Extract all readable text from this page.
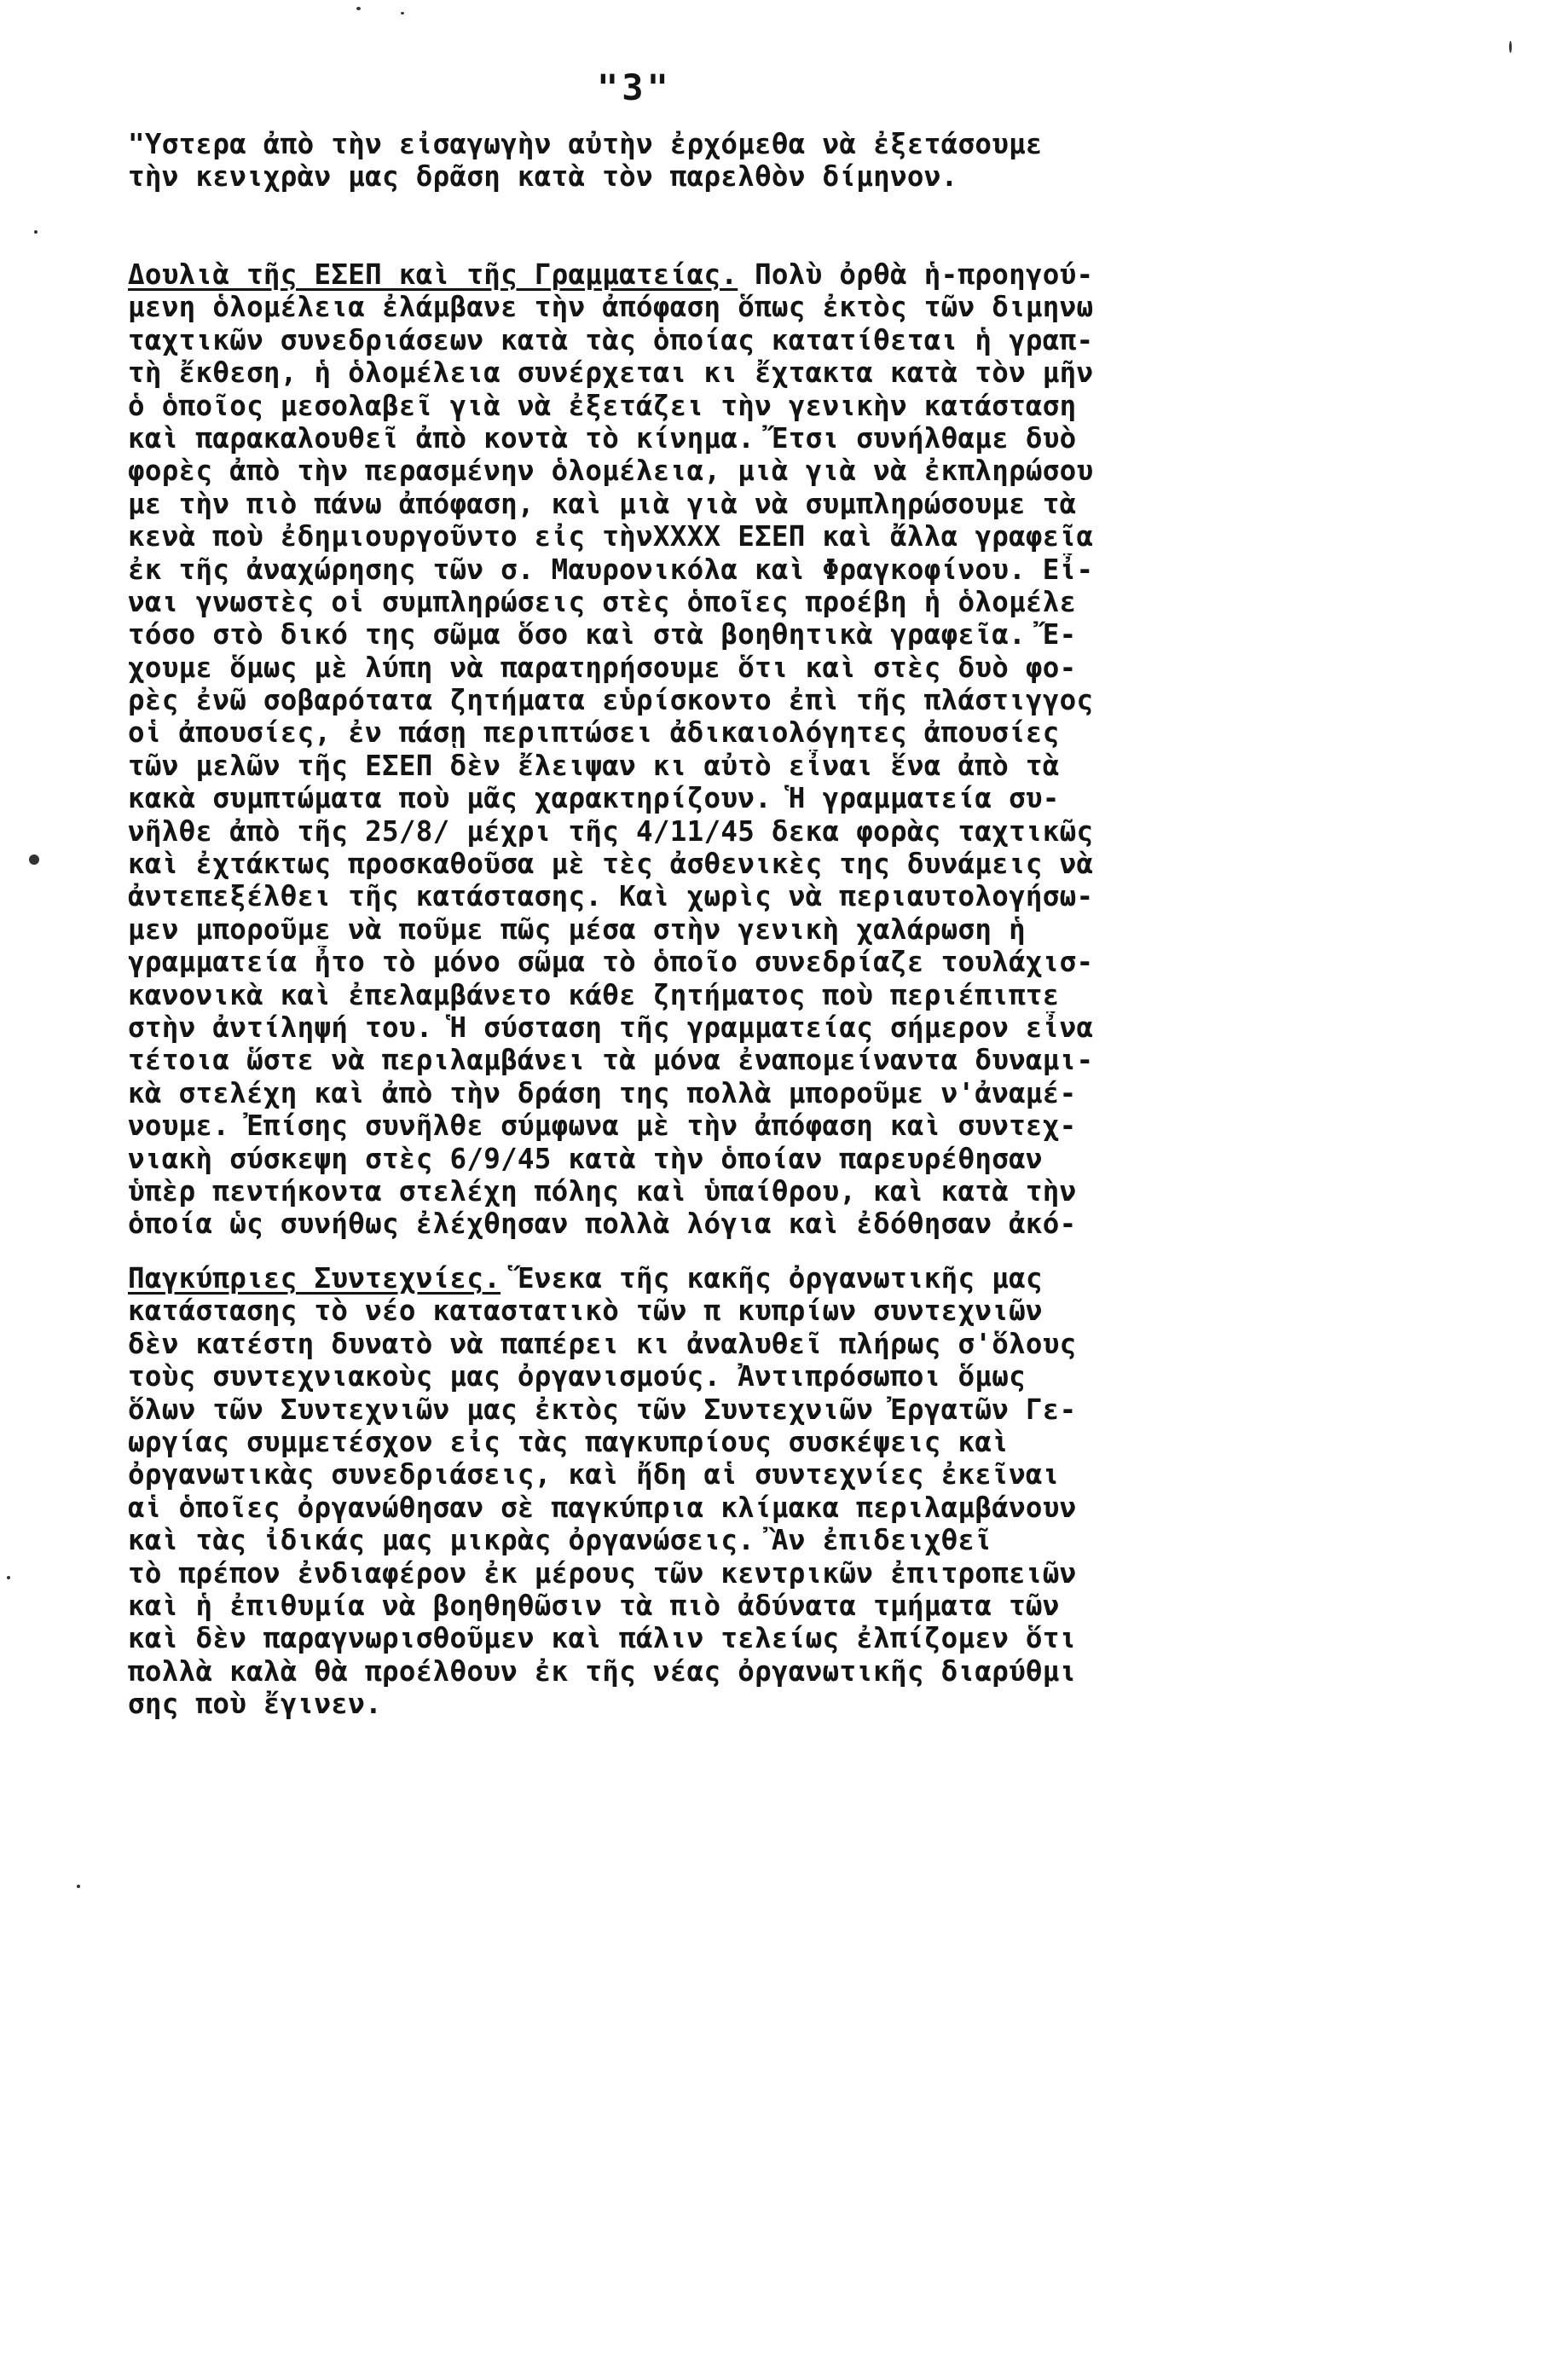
"3"
"Υστερα ἀπὸ τὴν εἰσαγωγὴν αὐτὴν ἐρχόμεθα νὰ ἐξετάσουμε
τὴν κενιχρὰν μας δρᾶση κατὰ τὸν παρελθὸν δίμηνον.
Δουλιὰ τῆς ΕΣΕΠ καὶ τῆς Γραμματείας. Πολὺ ὀρθὰ ἡ-προηγού-
μενη ὁλομέλεια ἐλάμβανε τὴν ἀπόφαση ὅπως ἐκτὸς τῶν διμηνω
ταχτικῶν συνεδριάσεων κατὰ τὰς ὁποίας κατατίθεται ἡ γραπ-
τὴ ἔκθεση, ἡ ὁλομέλεια συνέρχεται κι ἔχτακτα κατὰ τὸν μῆν
ὁ ὁποῖος μεσολαβεῖ γιὰ νὰ ἐξετάζει τὴν γενικὴν κατάσταση
καὶ παρακαλουθεῖ ἀπὸ κοντὰ τὸ κίνημα. Ἔτσι συνήλθαμε δυὸ
φορὲς ἀπὸ τὴν περασμένην ὁλομέλεια, μιὰ γιὰ νὰ ἐκπληρώσου
με τὴν πιὸ πάνω ἀπόφαση, καὶ μιὰ γιὰ νὰ συμπληρώσουμε τὰ
κενὰ ποὺ ἐδημιουργοῦντο εἰς τὴνΧΧΧΧ ΕΣΕΠ καὶ ἄλλα γραφεῖα
ἐκ τῆς ἀναχώρησης τῶν σ. Μαυρονικόλα καὶ Φραγκοφίνου. Εἶ-
ναι γνωστὲς οἱ συμπληρώσεις στὲς ὁποῖες προέβη ἡ ὁλομέλε
τόσο στὸ δικό της σῶμα ὅσο καὶ στὰ βοηθητικὰ γραφεῖα. Ἔ-
χουμε ὅμως μὲ λύπη νὰ παρατηρήσουμε ὅτι καὶ στὲς δυὸ φο-
ρὲς ἐνῶ σοβαρότατα ζητήματα εὑρίσκοντο ἐπὶ τῆς πλάστιγγος
οἱ ἀπουσίες, ἐν πάσῃ περιπτώσει ἀδικαιολόγητες ἀπουσίες
τῶν μελῶν τῆς ΕΣΕΠ δὲν ἔλειψαν κι αὐτὸ εἶναι ἕνα ἀπὸ τὰ
κακὰ συμπτώματα ποὺ μᾶς χαρακτηρίζουν. Ἡ γραμματεία συ-
νῆλθε ἀπὸ τῆς 25/8/ μέχρι τῆς 4/11/45 δεκα φορὰς ταχτικῶς
καὶ ἐχτάκτως προσκαθοῦσα μὲ τὲς ἀσθενικὲς της δυνάμεις νὰ
ἀντεπεξέλθει τῆς κατάστασης. Καὶ χωρὶς νὰ περιαυτολογήσω-
μεν μποροῦμε νὰ ποῦμε πῶς μέσα στὴν γενικὴ χαλάρωση ἡ
γραμματεία ἦτο τὸ μόνο σῶμα τὸ ὁποῖο συνεδρίαζε τουλάχισ-
κανονικὰ καὶ ἐπελαμβάνετο κάθε ζητήματος ποὺ περιέπιπτε
στὴν ἀντίληψή του. Ἡ σύσταση τῆς γραμματείας σήμερον εἶνα
τέτοια ὥστε νὰ περιλαμβάνει τὰ μόνα ἐναπομείναντα δυναμι-
κὰ στελέχη καὶ ἀπὸ τὴν δράση της πολλὰ μποροῦμε ν'ἀναμέ-
νουμε. Ἐπίσης συνῆλθε σύμφωνα μὲ τὴν ἀπόφαση καὶ συντεχ-
νιακὴ σύσκεψη στὲς 6/9/45 κατὰ τὴν ὁποίαν παρευρέθησαν
ὑπὲρ πεντήκοντα στελέχη πόλης καὶ ὑπαίθρου, καὶ κατὰ τὴν
ὁποία ὡς συνήθως ἐλέχθησαν πολλὰ λόγια καὶ ἐδόθησαν ἀκό-
Παγκύπριες Συντεχνίες. Ἕνεκα τῆς κακῆς ὀργανωτικῆς μας
κατάστασης τὸ νέο καταστατικὸ τῶν π κυπρίων συντεχνιῶν
δὲν κατέστη δυνατὸ νὰ παπέρει κι ἀναλυθεῖ πλήρως σ'ὅλους
τοὺς συντεχνιακοὺς μας ὀργανισμούς. Ἀντιπρόσωποι ὅμως
ὅλων τῶν Συντεχνιῶν μας ἐκτὸς τῶν Συντεχνιῶν Ἐργατῶν Γε-
ωργίας συμμετέσχον εἰς τὰς παγκυπρίους συσκέψεις καὶ
ὀργανωτικὰς συνεδριάσεις, καὶ ἤδη αἱ συντεχνίες ἐκεῖναι
αἱ ὁποῖες ὀργανώθησαν σὲ παγκύπρια κλίμακα περιλαμβάνουν
καὶ τὰς ἰδικάς μας μικρὰς ὀργανώσεις. Ἂν ἐπιδειχθεῖ
τὸ πρέπον ἐνδιαφέρον ἐκ μέρους τῶν κεντρικῶν ἐπιτροπειῶν
καὶ ἡ ἐπιθυμία νὰ βοηθηθῶσιν τὰ πιὸ ἀδύνατα τμήματα τῶν
καὶ δὲν παραγνωρισθοῦμεν καὶ πάλιν τελείως ἐλπίζομεν ὅτι
πολλὰ καλὰ θὰ προέλθουν ἐκ τῆς νέας ὀργανωτικῆς διαρύθμι
σης ποὺ ἔγινεν.
